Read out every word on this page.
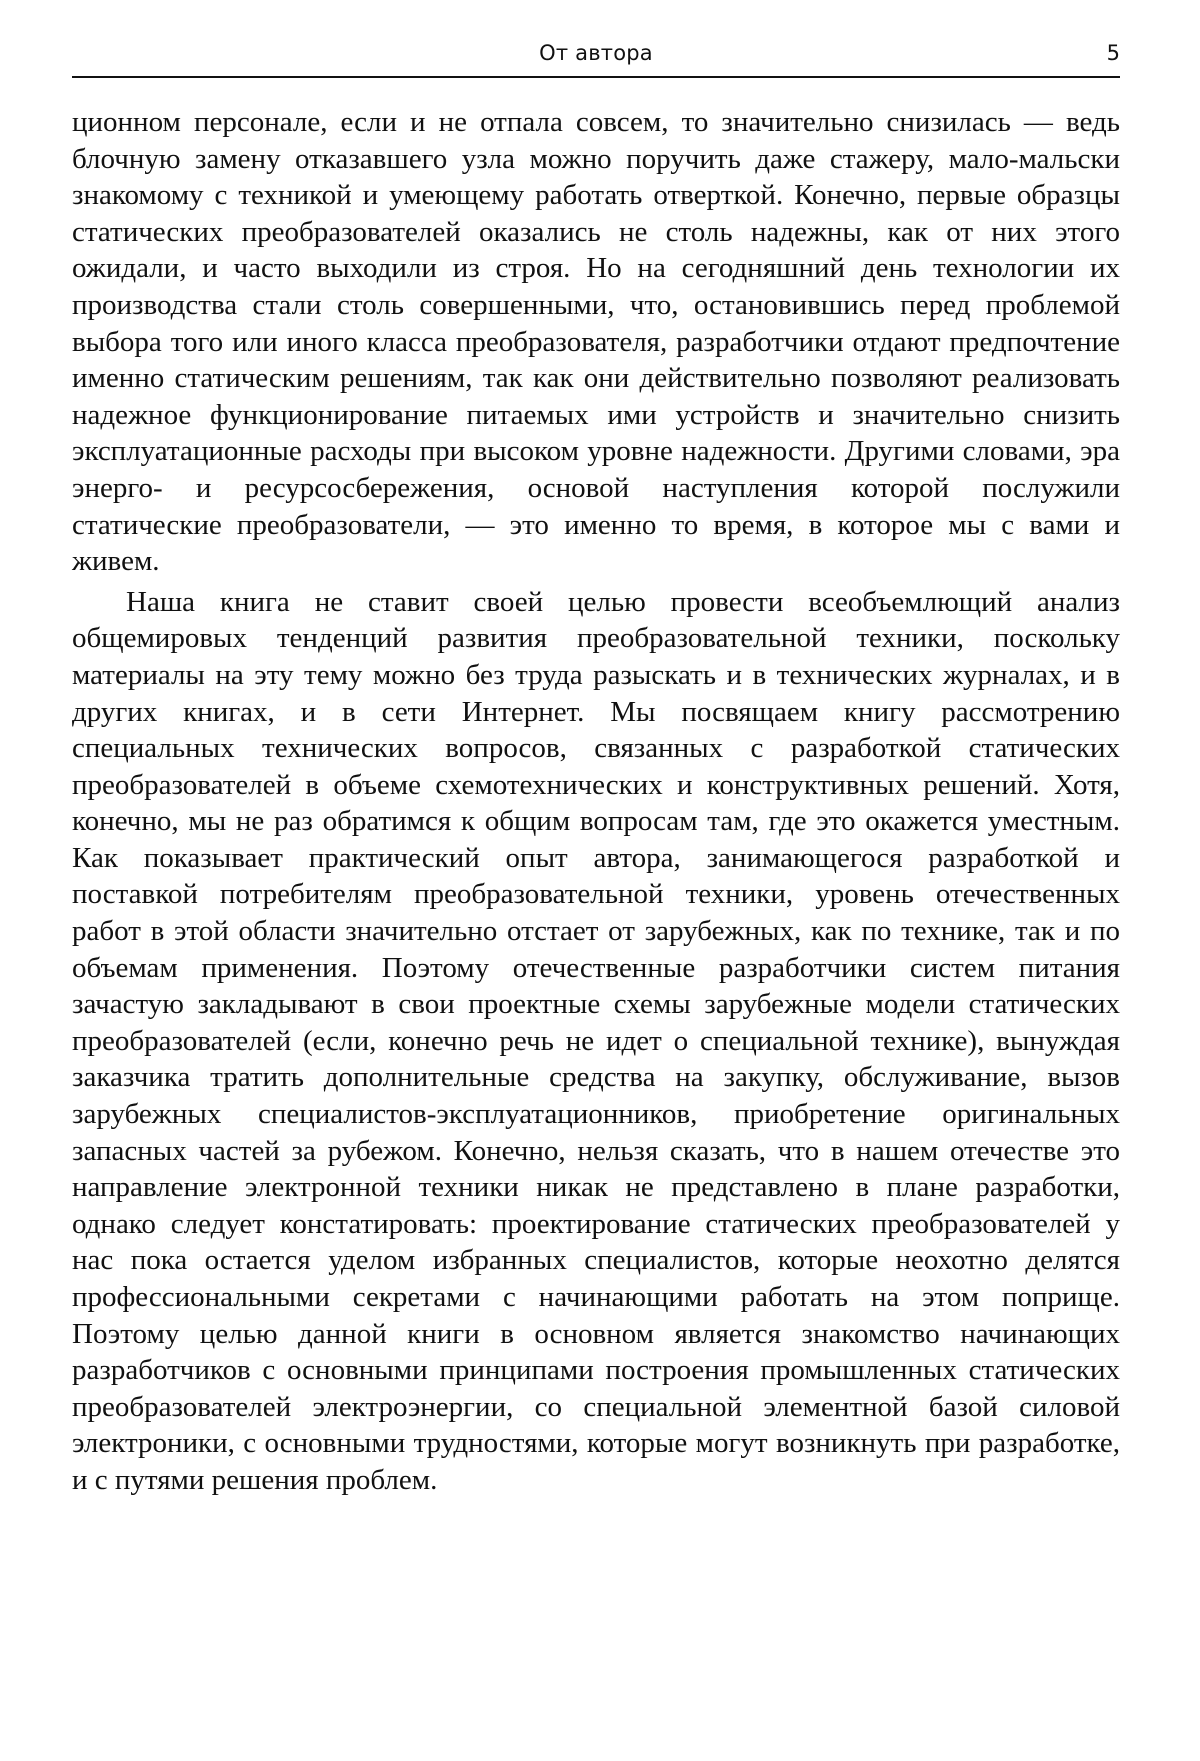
От автора	5

ционном персонале, если и не отпала совсем, то значительно снизилась — ведь блочную замену отказавшего узла можно поручить даже стажеру, мало-мальски знакомому с техникой и умеющему работать отверткой. Конечно, первые образцы статических преобразователей оказались не столь надежны, как от них этого ожидали, и часто выходили из строя. Но на сегодняшний день технологии их производства стали столь совершенными, что, остановившись перед проблемой выбора того или иного класса преобразователя, разработчики отдают предпочтение именно статическим решениям, так как они действительно позволяют реализовать надежное функционирование питаемых ими устройств и значительно снизить эксплуатационные расходы при высоком уровне надежности. Другими словами, эра энерго- и ресурсосбережения, основой наступления которой послужили статические преобразователи, — это именно то время, в которое мы с вами и живем.

Наша книга не ставит своей целью провести всеобъемлющий анализ общемировых тенденций развития преобразовательной техники, поскольку материалы на эту тему можно без труда разыскать и в технических журналах, и в других книгах, и в сети Интернет. Мы посвящаем книгу рассмотрению специальных технических вопросов, связанных с разработкой статических преобразователей в объеме схемотехнических и конструктивных решений. Хотя, конечно, мы не раз обратимся к общим вопросам там, где это окажется уместным. Как показывает практический опыт автора, занимающегося разработкой и поставкой потребителям преобразовательной техники, уровень отечественных работ в этой области значительно отстает от зарубежных, как по технике, так и по объемам применения. Поэтому отечественные разработчики систем питания зачастую закладывают в свои проектные схемы зарубежные модели статических преобразователей (если, конечно речь не идет о специальной технике), вынуждая заказчика тратить дополнительные средства на закупку, обслуживание, вызов зарубежных специалистов-эксплуатационников, приобретение оригинальных запасных частей за рубежом. Конечно, нельзя сказать, что в нашем отечестве это направление электронной техники никак не представлено в плане разработки, однако следует констатировать: проектирование статических преобразователей у нас пока остается уделом избранных специалистов, которые неохотно делятся профессиональными секретами с начинающими работать на этом поприще. Поэтому целью данной книги в основном является знакомство начинающих разработчиков с основными принципами построения промышленных статических преобразователей электроэнергии, со специальной элементной базой силовой электроники, с основными трудностями, которые могут возникнуть при разработке, и с путями решения проблем.
